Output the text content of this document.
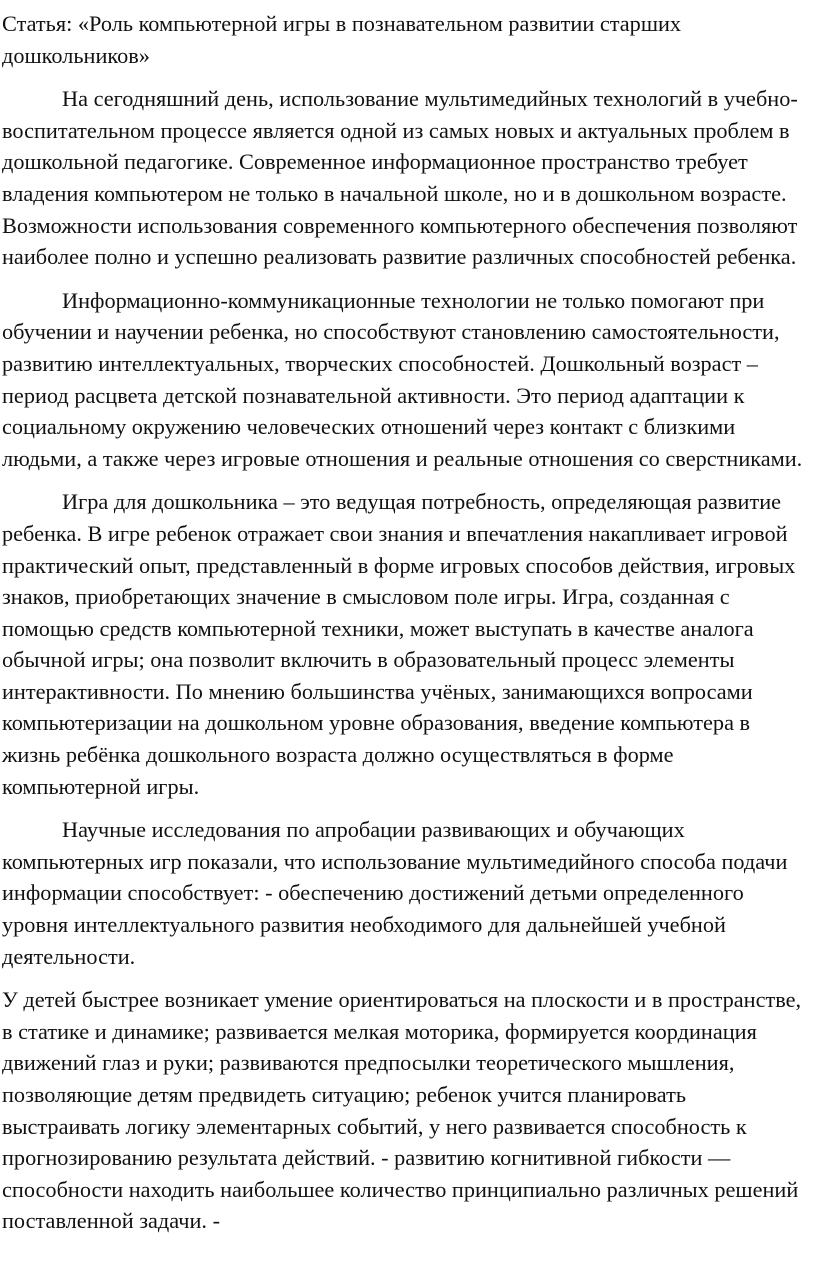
Статья: «Роль компьютерной игры в познавательном развитии старших дошкольников»

На сегодняшний день, использование мультимедийных технологий в учебно-воспитательном процессе является одной из самых новых и актуальных проблем в дошкольной педагогике. Современное информационное пространство требует владения компьютером не только в начальной школе, но и в дошкольном возрасте. Возможности использования современного компьютерного обеспечения позволяют наиболее полно и успешно реализовать развитие различных способностей ребенка.

Информационно-коммуникационные технологии не только помогают при обучении и научении ребенка, но способствуют становлению самостоятельности, развитию интеллектуальных, творческих способностей. Дошкольный возраст – период расцвета детской познавательной активности. Это период адаптации к социальному окружению человеческих отношений через контакт с близкими людьми, а также через игровые отношения и реальные отношения со сверстниками.

Игра для дошкольника – это ведущая потребность, определяющая развитие ребенка. В игре ребенок отражает свои знания и впечатления накапливает игровой практический опыт, представленный в форме игровых способов действия, игровых знаков, приобретающих значение в смысловом поле игры. Игра, созданная с помощью средств компьютерной техники, может выступать в качестве аналога обычной игры; она позволит включить в образовательный процесс элементы интерактивности. По мнению большинства учёных, занимающихся вопросами компьютеризации на дошкольном уровне образования, введение компьютера в жизнь ребёнка дошкольного возраста должно осуществляться в форме компьютерной игры.

Научные исследования по апробации развивающих и обучающих компьютерных игр показали, что использование мультимедийного способа подачи информации способствует: - обеспечению достижений детьми определенного уровня интеллектуального развития необходимого для дальнейшей учебной деятельности.

У детей быстрее возникает умение ориентироваться на плоскости и в пространстве, в статике и динамике; развивается мелкая моторика, формируется координация движений глаз и руки; развиваются предпосылки теоретического мышления, позволяющие детям предвидеть ситуацию; ребенок учится планировать выстраивать логику элементарных событий, у него развивается способность к прогнозированию результата действий. - развитию когнитивной гибкости — способности находить наибольшее количество принципиально различных решений поставленной задачи. -
